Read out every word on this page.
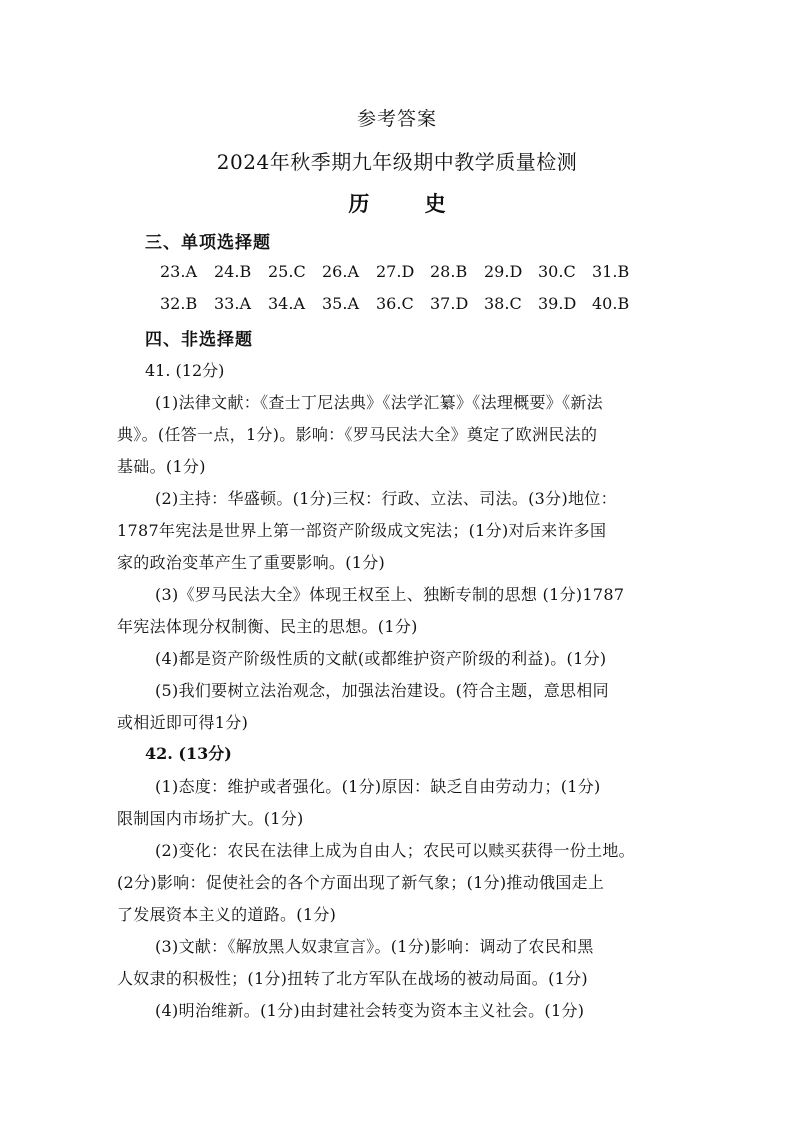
参考答案
2024年秋季期九年级期中教学质量检测
历 史
三、单项选择题
23.A	24.B	25.C	26.A	27.D 28.B	29.D 30.C	31.B
32.B	33.A	34.A	35.A	36.C	37.D 38.C	39.D 40.B
四、非选择题
41. (12分)
(1)法律文献：《查士丁尼法典》《法学汇纂》《法理概要》《新法
典》。(任答一点，1分)。影响：《罗马民法大全》奠定了欧洲民法的
基础。(1分)
(2)主持：华盛顿。(1分)三权：行政、立法、司法。(3分)地位：
1787年宪法是世界上第一部资产阶级成文宪法；(1分)对后来许多国
家的政治变革产生了重要影响。(1分)
(3)《罗马民法大全》体现王权至上、独断专制的思想 (1分)1787
年宪法体现分权制衡、民主的思想。(1分)
(4)都是资产阶级性质的文献(或都维护资产阶级的利益)。(1分)
(5)我们要树立法治观念，加强法治建设。(符合主题，意思相同
或相近即可得1分)
42. (13分)
(1)态度：维护或者强化。(1分)原因：缺乏自由劳动力；(1分)
限制国内市场扩大。(1分)
(2)变化：农民在法律上成为自由人；农民可以赎买获得一份土地。
(2分)影响：促使社会的各个方面出现了新气象；(1分)推动俄国走上
了发展资本主义的道路。(1分)
(3)文献：《解放黑人奴隶宣言》。(1分)影响：调动了农民和黑
人奴隶的积极性；(1分)扭转了北方军队在战场的被动局面。(1分)
(4)明治维新。(1分)由封建社会转变为资本主义社会。(1分)
